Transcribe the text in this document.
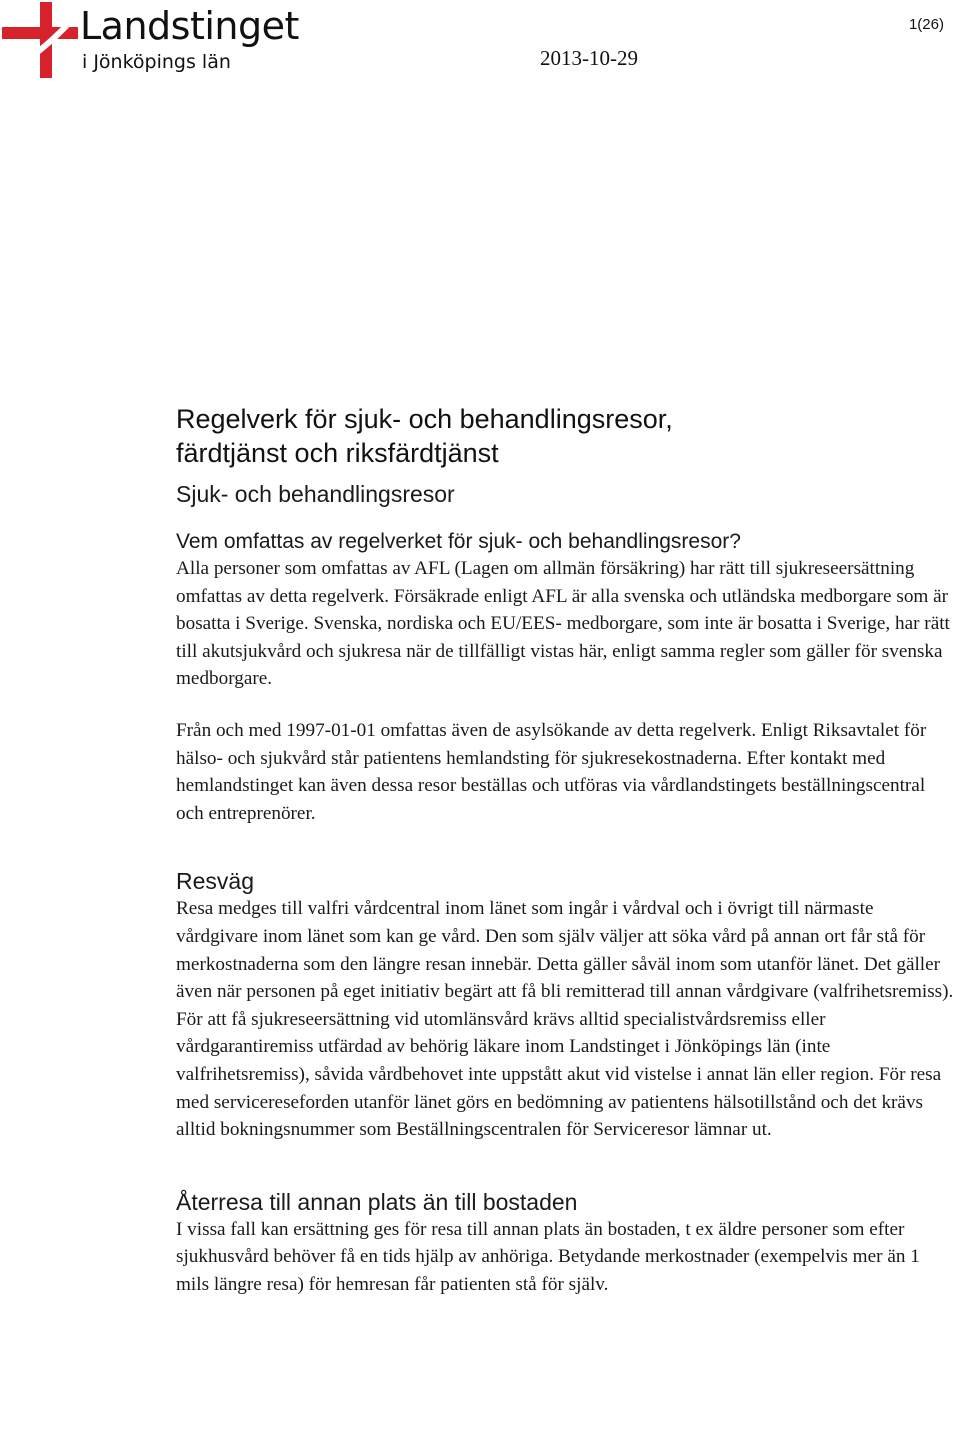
Landstinget
i Jönköpings län
1(26)
2013-10-29
Regelverk för sjuk- och behandlingsresor,
färdtjänst och riksfärdtjänst
Sjuk- och behandlingsresor
Vem omfattas av regelverket för sjuk- och behandlingsresor?

Alla personer som omfattas av AFL (Lagen om allmän försäkring) har rätt till sjukreseersättning omfattas av detta regelverk. Försäkrade enligt AFL är alla svenska och utländska medborgare som är bosatta i Sverige. Svenska, nordiska och EU/EES- medborgare, som inte är bosatta i Sverige, har rätt till akutsjukvård och sjukresa när de tillfälligt vistas här, enligt samma regler som gäller för svenska medborgare.

Från och med 1997-01-01 omfattas även de asylsökande av detta regelverk. Enligt Riksavtalet för hälso- och sjukvård står patientens hemlandsting för sjukresekostnaderna. Efter kontakt med hemlandstinget kan även dessa resor beställas och utföras via vårdlandstingets beställningscentral och entreprenörer.

Resväg

Resa medges till valfri vårdcentral inom länet som ingår i vårdval och i övrigt till närmaste vårdgivare inom länet som kan ge vård. Den som själv väljer att söka vård på annan ort får stå för merkostnaderna som den längre resan innebär. Detta gäller såväl inom som utanför länet. Det gäller även när personen på eget initiativ begärt att få bli remitterad till annan vårdgivare (valfrihetsremiss).

För att få sjukreseersättning vid utomlänsvård krävs alltid specialistvårdsremiss eller vårdgarantiremiss utfärdad av behörig läkare inom Landstinget i Jönköpings län (inte valfrihetsremiss), såvida vårdbehovet inte uppstått akut vid vistelse i annat län eller region. För resa med servicereseforden utanför länet görs en bedömning av patientens hälsotillstånd och det krävs alltid bokningsnummer som Beställningscentralen för Serviceresor lämnar ut.

Återresa till annan plats än till bostaden

I vissa fall kan ersättning ges för resa till annan plats än bostaden, t ex äldre personer som efter sjukhusvård behöver få en tids hjälp av anhöriga. Betydande merkostnader (exempelvis mer än 1 mils längre resa) för hemresan får patienten stå för själv.
